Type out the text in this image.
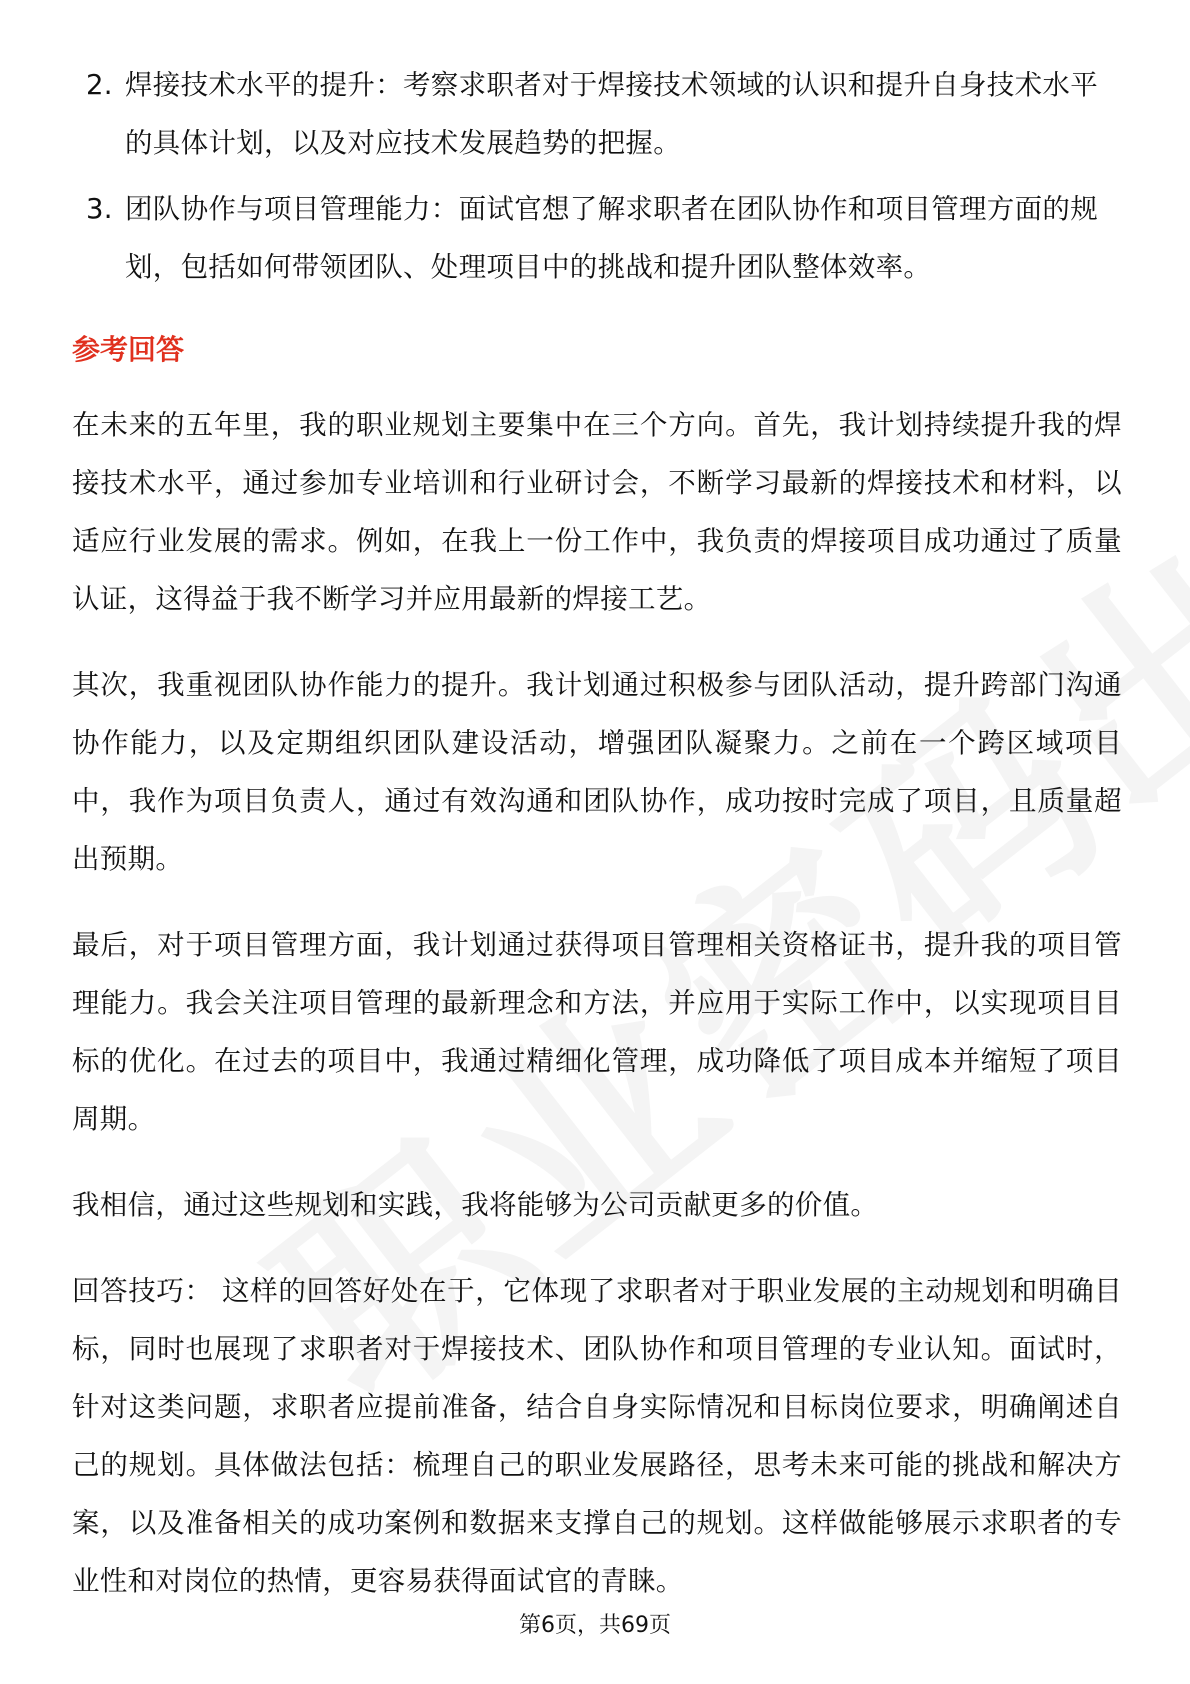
2. 焊接技术水平的提升：考察求职者对于焊接技术领域的认识和提升自身技术水平的具体计划，以及对应技术发展趋势的把握。
3. 团队协作与项目管理能力：面试官想了解求职者在团队协作和项目管理方面的规划，包括如何带领团队、处理项目中的挑战和提升团队整体效率。
参考回答

在未来的五年里，我的职业规划主要集中在三个方向。首先，我计划持续提升我的焊接技术水平，通过参加专业培训和行业研讨会，不断学习最新的焊接技术和材料，以适应行业发展的需求。例如，在我上一份工作中，我负责的焊接项目成功通过了质量认证，这得益于我不断学习并应用最新的焊接工艺。

其次，我重视团队协作能力的提升。我计划通过积极参与团队活动，提升跨部门沟通协作能力，以及定期组织团队建设活动，增强团队凝聚力。之前在一个跨区域项目中，我作为项目负责人，通过有效沟通和团队协作，成功按时完成了项目，且质量超出预期。

最后，对于项目管理方面，我计划通过获得项目管理相关资格证书，提升我的项目管理能力。我会关注项目管理的最新理念和方法，并应用于实际工作中，以实现项目目标的优化。在过去的项目中，我通过精细化管理，成功降低了项目成本并缩短了项目周期。

我相信，通过这些规划和实践，我将能够为公司贡献更多的价值。

回答技巧： 这样的回答好处在于，它体现了求职者对于职业发展的主动规划和明确目标，同时也展现了求职者对于焊接技术、团队协作和项目管理的专业认知。面试时，针对这类问题，求职者应提前准备，结合自身实际情况和目标岗位要求，明确阐述自己的规划。具体做法包括：梳理自己的职业发展路径，思考未来可能的挑战和解决方案，以及准备相关的成功案例和数据来支撑自己的规划。这样做能够展示求职者的专业性和对岗位的热情，更容易获得面试官的青睐。

第6页，共69页
